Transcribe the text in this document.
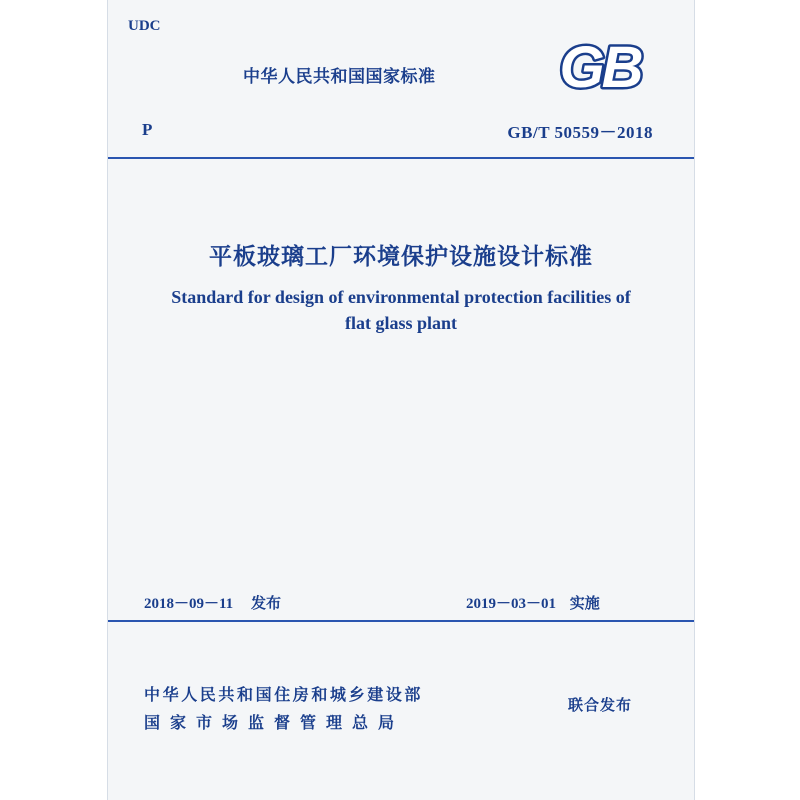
UDC
中华人民共和国国家标准 GB
P	GB/T 50559－2018
平板玻璃工厂环境保护设施设计标准
Standard for design of environmental protection facilities of
flat glass plant
2018－09－11 发布	2019－03－01 实施
中华人民共和国住房和城乡建设部
国家市场监督管理总局
联合发布
